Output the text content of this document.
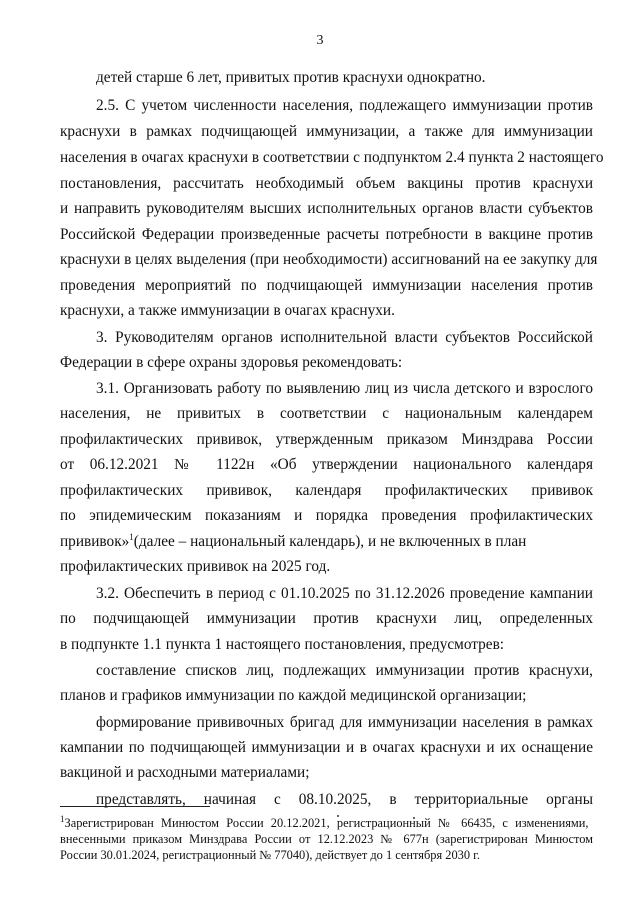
3
детей старше 6 лет, привитых против краснухи однократно.
2.5. С учетом численности населения, подлежащего иммунизации против
краснухи в рамках подчищающей иммунизации, а также для иммунизации
населения в очагах краснухи в соответствии с подпунктом 2.4 пункта 2 настоящего
постановления, рассчитать необходимый объем вакцины против краснухи
и направить руководителям высших исполнительных органов власти субъектов
Российской Федерации произведенные расчеты потребности в вакцине против
краснухи в целях выделения (при необходимости) ассигнований на ее закупку для
проведения мероприятий по подчищающей иммунизации населения против
краснухи, а также иммунизации в очагах краснухи.
3. Руководителям органов исполнительной власти субъектов Российской
Федерации в сфере охраны здоровья рекомендовать:
3.1. Организовать работу по выявлению лиц из числа детского и взрослого
населения, не привитых в соответствии с национальным календарем
профилактических прививок, утвержденным приказом Минздрава России
от 06.12.2021 № 1122н «Об утверждении национального календаря
профилактических прививок, календаря профилактических прививок
по эпидемическим показаниям и порядка проведения профилактических
прививок»$^1$(далее – национальный календарь), и не включенных в план
профилактических прививок на 2025 год.
3.2. Обеспечить в период с 01.10.2025 по 31.12.2026 проведение кампании
по подчищающей иммунизации против краснухи лиц, определенных
в подпункте 1.1 пункта 1 настоящего постановления, предусмотрев:
составление списков лиц, подлежащих иммунизации против краснухи,
планов и графиков иммунизации по каждой медицинской организации;
формирование прививочных бригад для иммунизации населения в рамках
кампании по подчищающей иммунизации и в очагах краснухи и их оснащение
вакциной и расходными материалами;
представлять, начиная с 08.10.2025, в территориальные органы
$^1$Зарегистрирован Минюстом России 20.12.2021, регистрационный № 66435, с изменениями,
внесенными приказом Минздрава России от 12.12.2023 № 677н (зарегистрирован Минюстом
России 30.01.2024, регистрационный № 77040), действует до 1 сентября 2030 г.
